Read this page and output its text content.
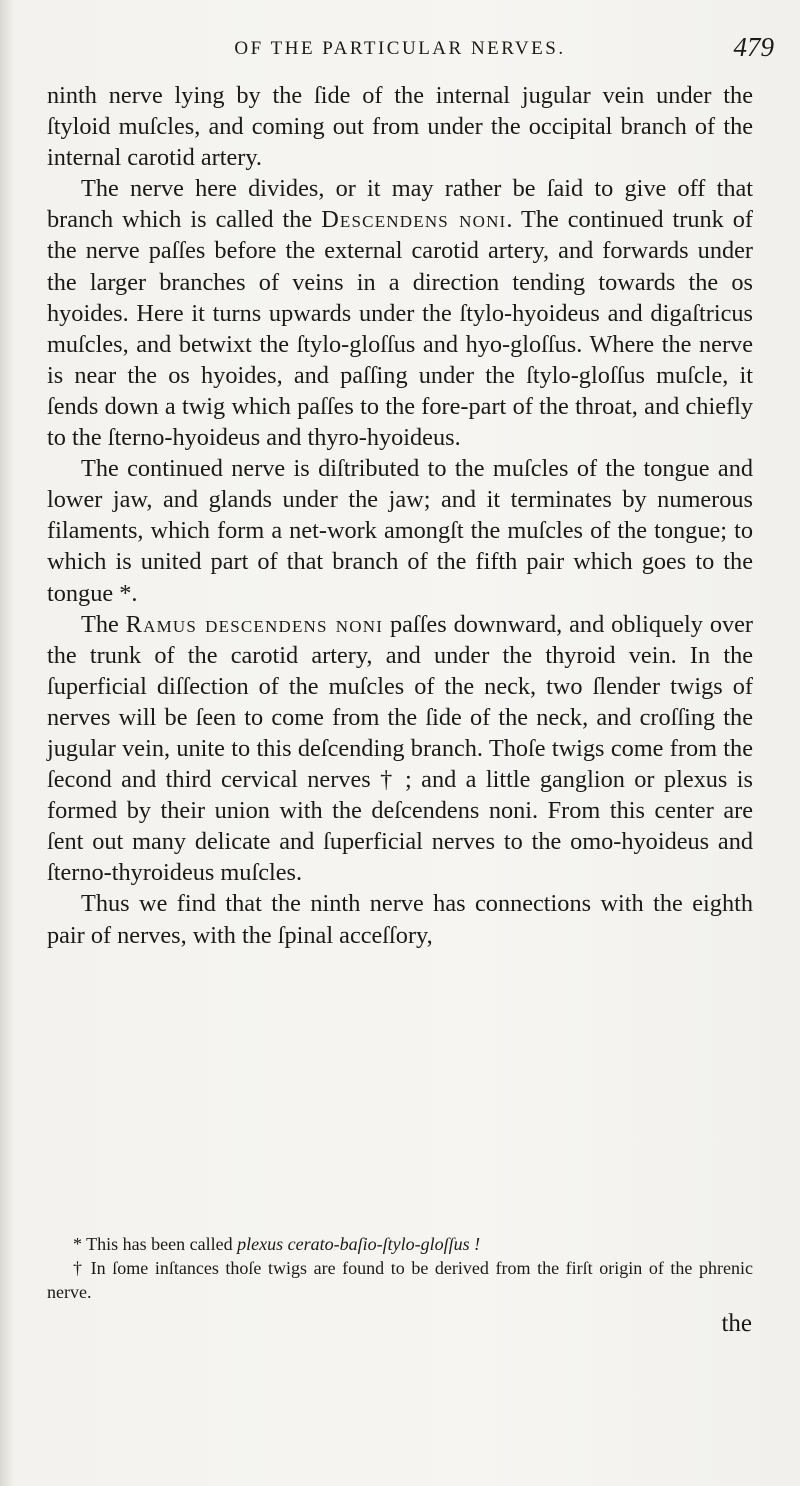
OF THE PARTICULAR NERVES.	479

ninth nerve lying by the ſide of the internal jugular vein under the ſtyloid muſcles, and coming out from under the occipital branch of the internal carotid artery.

The nerve here divides, or it may rather be ſaid to give off that branch which is called the Descendens noni. The continued trunk of the nerve paſſes before the external carotid artery, and forwards under the larger branches of veins in a direction tending towards the os hyoides. Here it turns upwards under the ſtylo-hyoideus and digaſtricus muſcles, and betwixt the ſtylo-gloſſus and hyo-gloſſus. Where the nerve is near the os hyoides, and paſſing under the ſtylo-gloſſus muſcle, it ſends down a twig which paſſes to the fore-part of the throat, and chiefly to the ſterno-hyoideus and thyro-hyoideus.

The continued nerve is diſtributed to the muſcles of the tongue and lower jaw, and glands under the jaw; and it terminates by numerous filaments, which form a net-work amongſt the muſcles of the tongue; to which is united part of that branch of the fifth pair which goes to the tongue *.

The Ramus descendens noni paſſes downward, and obliquely over the trunk of the carotid artery, and under the thyroid vein. In the ſuperficial diſſection of the muſcles of the neck, two ſlender twigs of nerves will be ſeen to come from the ſide of the neck, and croſſing the jugular vein, unite to this deſcending branch. Thoſe twigs come from the ſecond and third cervical nerves † ; and a little ganglion or plexus is formed by their union with the deſcendens noni. From this center are ſent out many delicate and ſuperficial nerves to the omo-hyoideus and ſterno-thyroideus muſcles.

Thus we find that the ninth nerve has connections with the eighth pair of nerves, with the ſpinal acceſſory,

* This has been called plexus cerato-baſio-ſtylo-gloſſus !

† In ſome inſtances thoſe twigs are found to be derived from the firſt origin of the phrenic nerve.

the
